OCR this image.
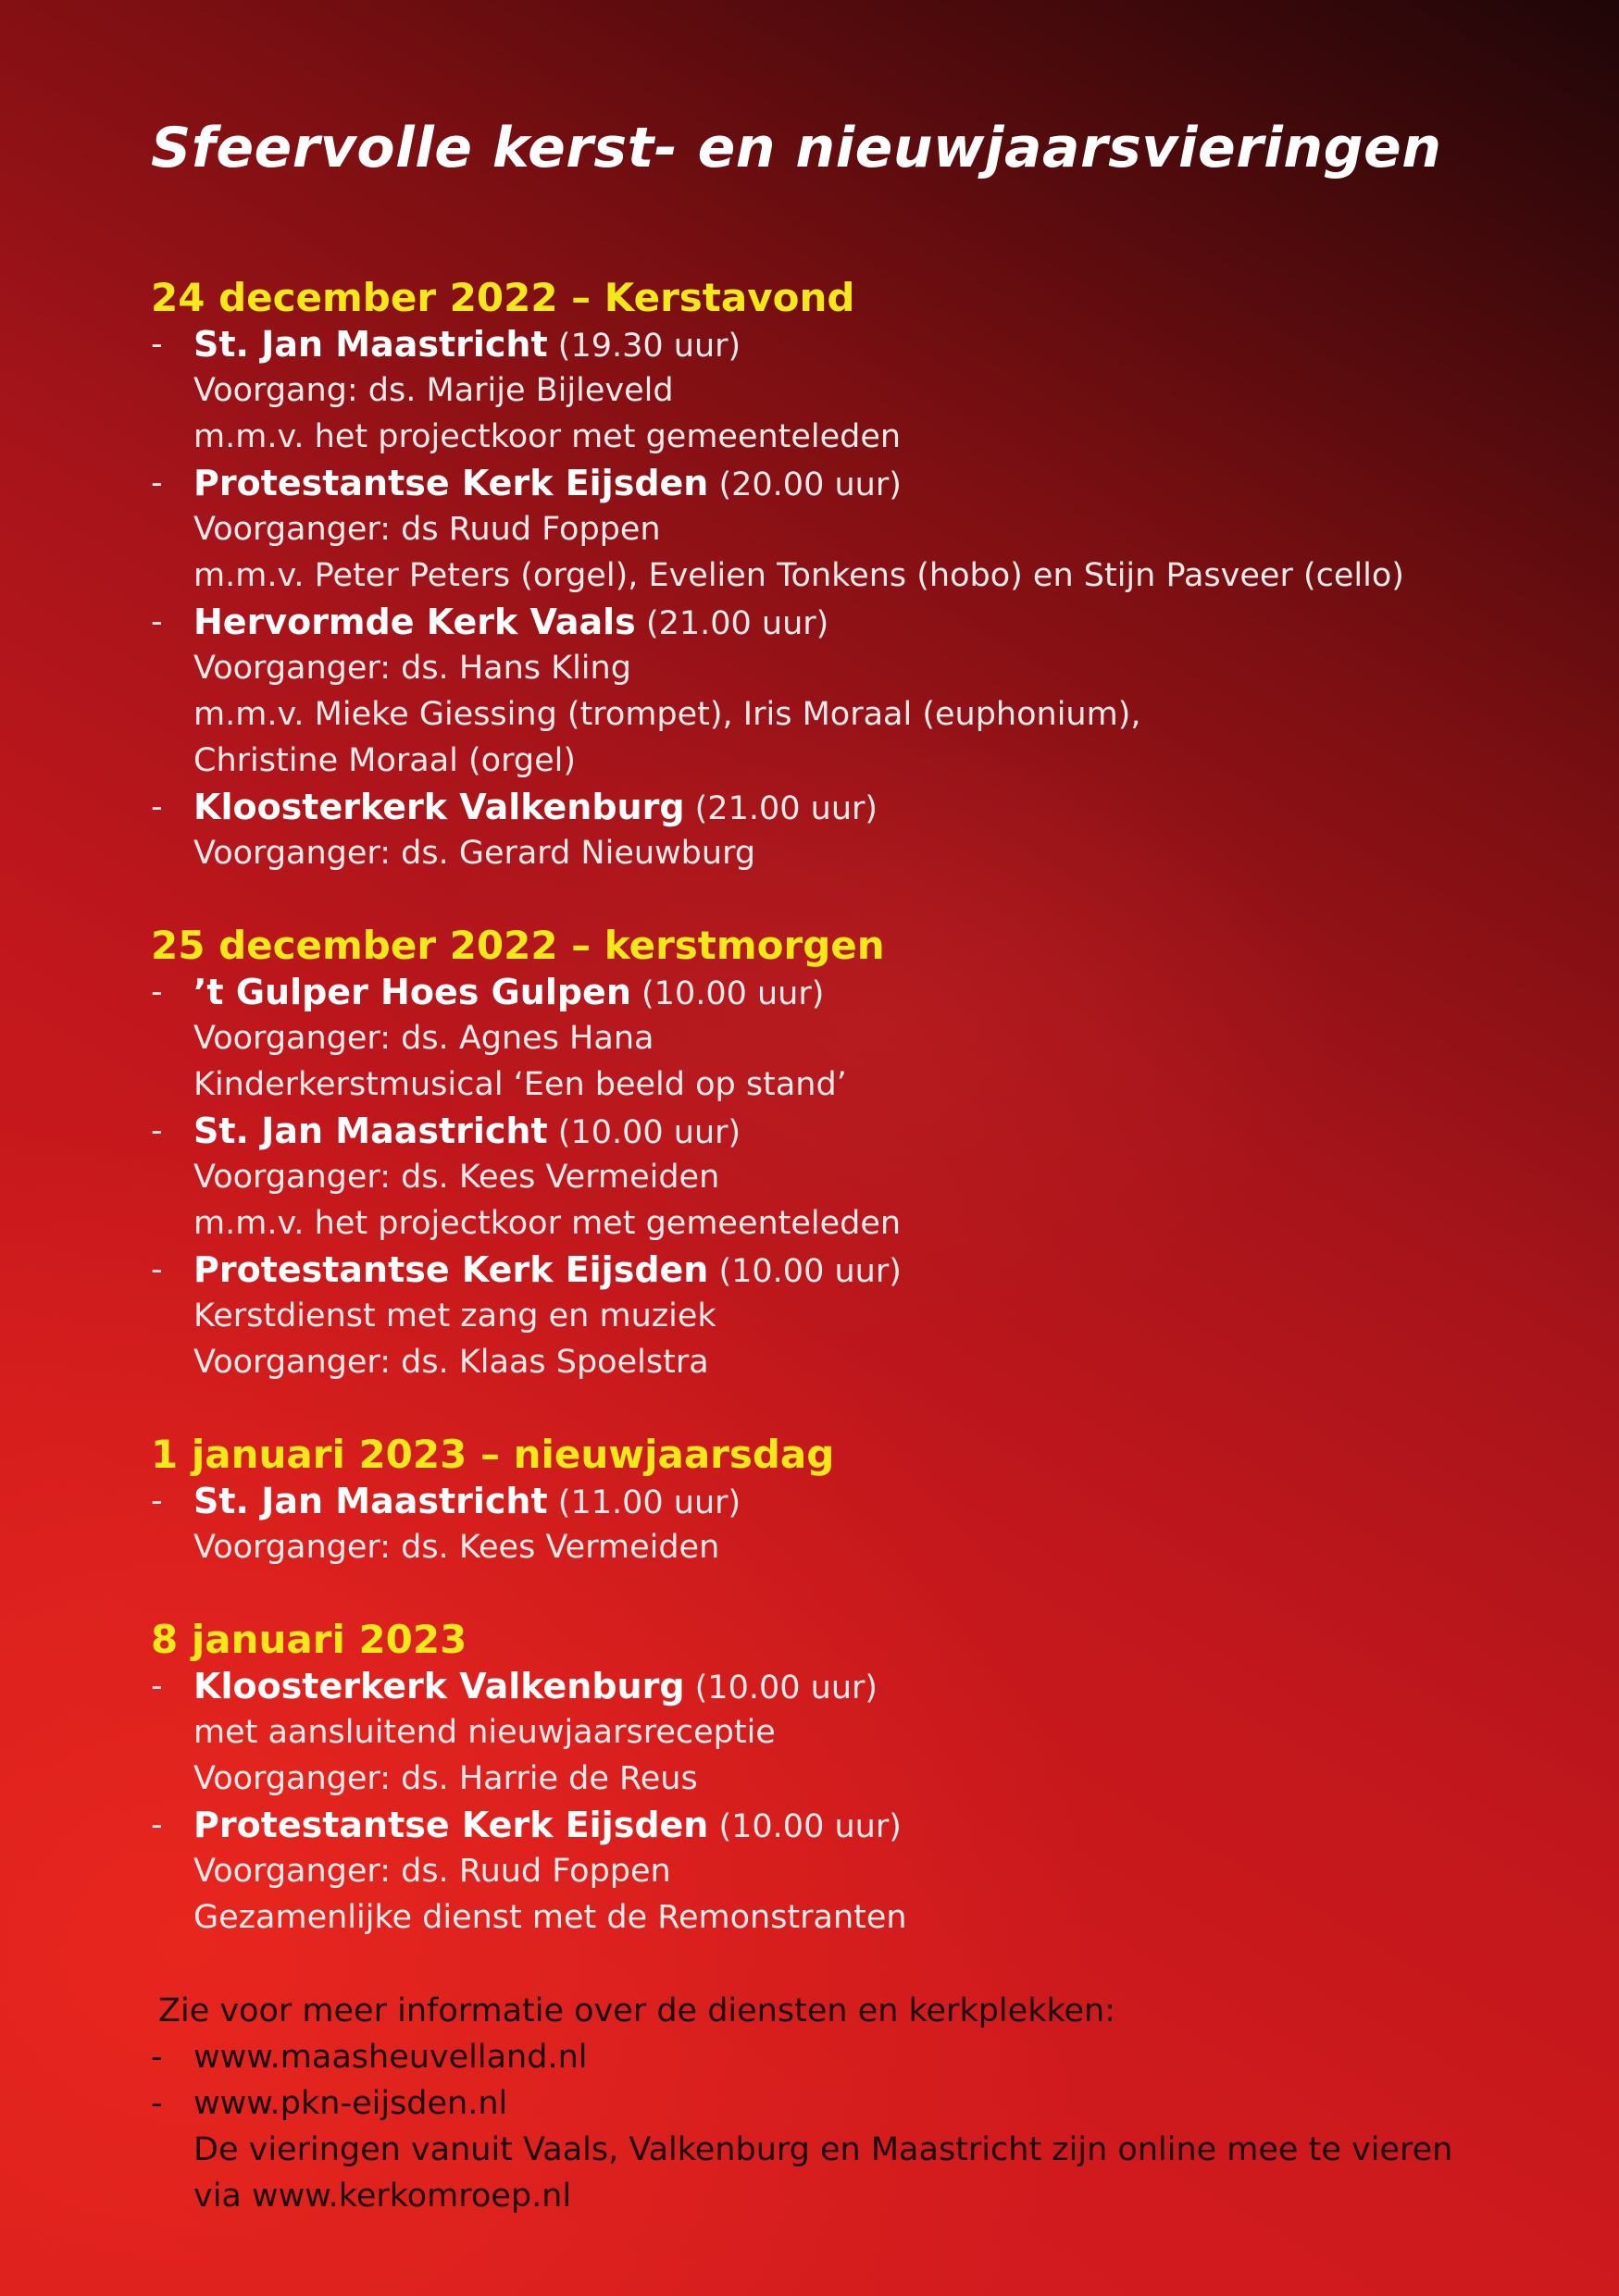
Sfeervolle kerst- en nieuwjaarsvieringen
24 december 2022 – Kerstavond
- St. Jan Maastricht (19.30 uur)
Voorgang: ds. Marije Bijleveld
m.m.v. het projectkoor met gemeenteleden
- Protestantse Kerk Eijsden (20.00 uur)
Voorganger: ds Ruud Foppen
m.m.v. Peter Peters (orgel), Evelien Tonkens (hobo) en Stijn Pasveer (cello)
- Hervormde Kerk Vaals (21.00 uur)
Voorganger: ds. Hans Kling
m.m.v. Mieke Giessing (trompet), Iris Moraal (euphonium),
Christine Moraal (orgel)
- Kloosterkerk Valkenburg (21.00 uur)
Voorganger: ds. Gerard Nieuwburg
25 december 2022 – kerstmorgen
- ’t Gulper Hoes Gulpen (10.00 uur)
Voorganger: ds. Agnes Hana
Kinderkerstmusical ‘Een beeld op stand’
- St. Jan Maastricht (10.00 uur)
Voorganger: ds. Kees Vermeiden
m.m.v. het projectkoor met gemeenteleden
- Protestantse Kerk Eijsden (10.00 uur)
Kerstdienst met zang en muziek
Voorganger: ds. Klaas Spoelstra
1 januari 2023 – nieuwjaarsdag
- St. Jan Maastricht (11.00 uur)
Voorganger: ds. Kees Vermeiden
8 januari 2023
- Kloosterkerk Valkenburg (10.00 uur)
met aansluitend nieuwjaarsreceptie
Voorganger: ds. Harrie de Reus
- Protestantse Kerk Eijsden (10.00 uur)
Voorganger: ds. Ruud Foppen
Gezamenlijke dienst met de Remonstranten
Zie voor meer informatie over de diensten en kerkplekken:
- www.maasheuvelland.nl
- www.pkn-eijsden.nl
De vieringen vanuit Vaals, Valkenburg en Maastricht zijn online mee te vieren
via www.kerkomroep.nl
